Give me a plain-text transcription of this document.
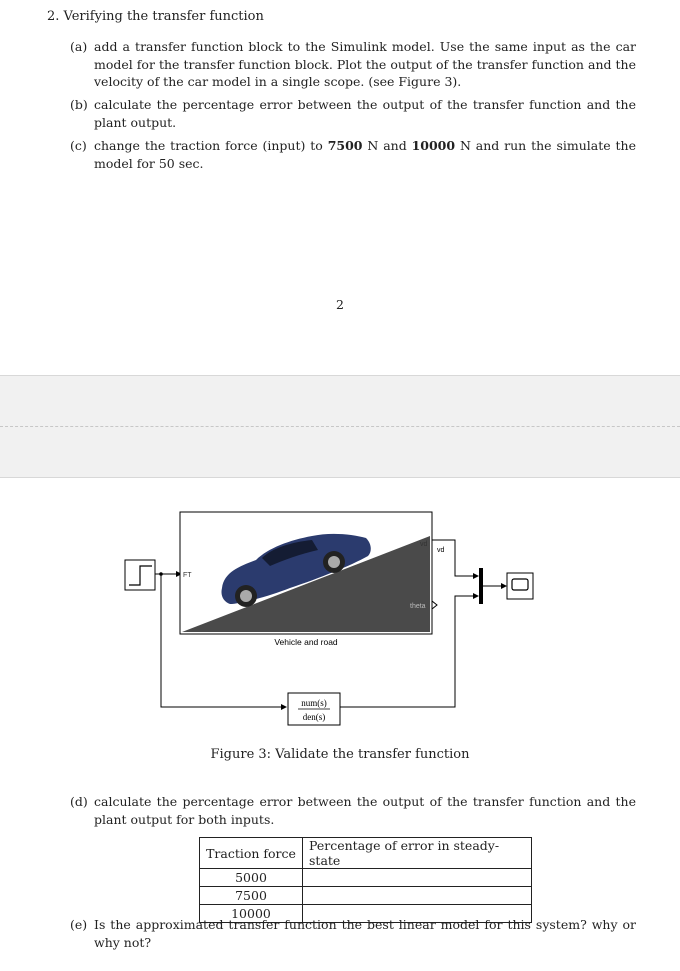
2. Verifying the transfer function
(a) add a transfer function block to the Simulink model. Use the same input as the car model for the transfer function block. Plot the output of the transfer function and the velocity of the car model in a single scope. (see Figure 3).
(b) calculate the percentage error between the output of the transfer function and the plant output.
(c) change the traction force (input) to 7500 N and 10000 N and run the simulate the model for 50 sec.
2
FT
vd
theta
Vehicle and road
vd
num(s)
den(s)
Figure 3: Validate the transfer function
(d) calculate the percentage error between the output of the transfer function and the plant output for both inputs.
Traction force	Percentage of error in steady-state
5000	
7500	
10000	
(e) Is the approximated transfer function the best linear model for this system? why or why not?
